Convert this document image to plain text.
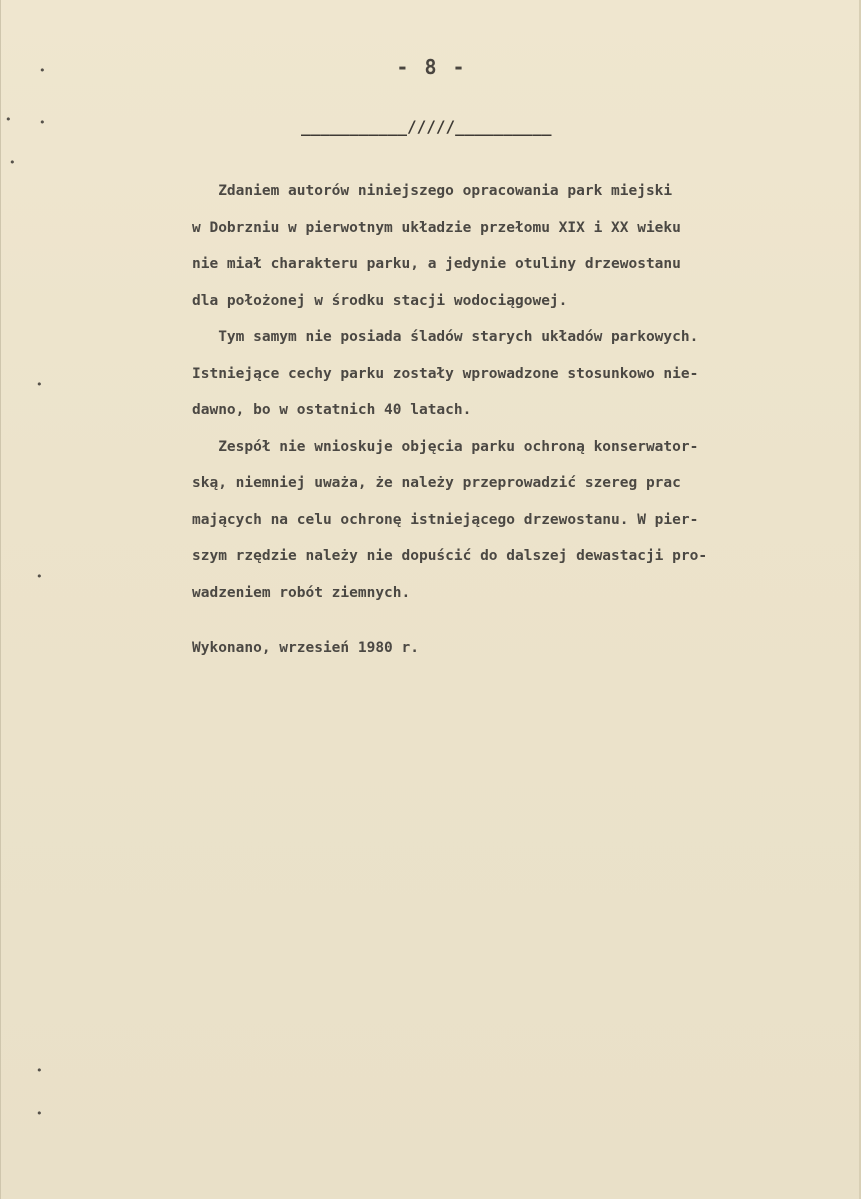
- 8 -
___________/////__________

Zdaniem autorów niniejszego opracowania park miejski

w Dobrzniu w pierwotnym układzie przełomu XIX i XX wieku

nie miał charakteru parku, a jedynie otuliny drzewostanu

dla położonej w środku stacji wodociągowej.

Tym samym nie posiada śladów starych układów parkowych.

Istniejące cechy parku zostały wprowadzone stosunkowo nie-

dawno, bo w ostatnich 40 latach.

Zespół nie wnioskuje objęcia parku ochroną konserwator-

ską, niemniej uważa, że należy przeprowadzić szereg prac

mających na celu ochronę istniejącego drzewostanu. W pier-

szym rzędzie należy nie dopuścić do dalszej dewastacji pro-

wadzeniem robót ziemnych.

Wykonano, wrzesień 1980 r.
•
• •
•
•
•
•
•
